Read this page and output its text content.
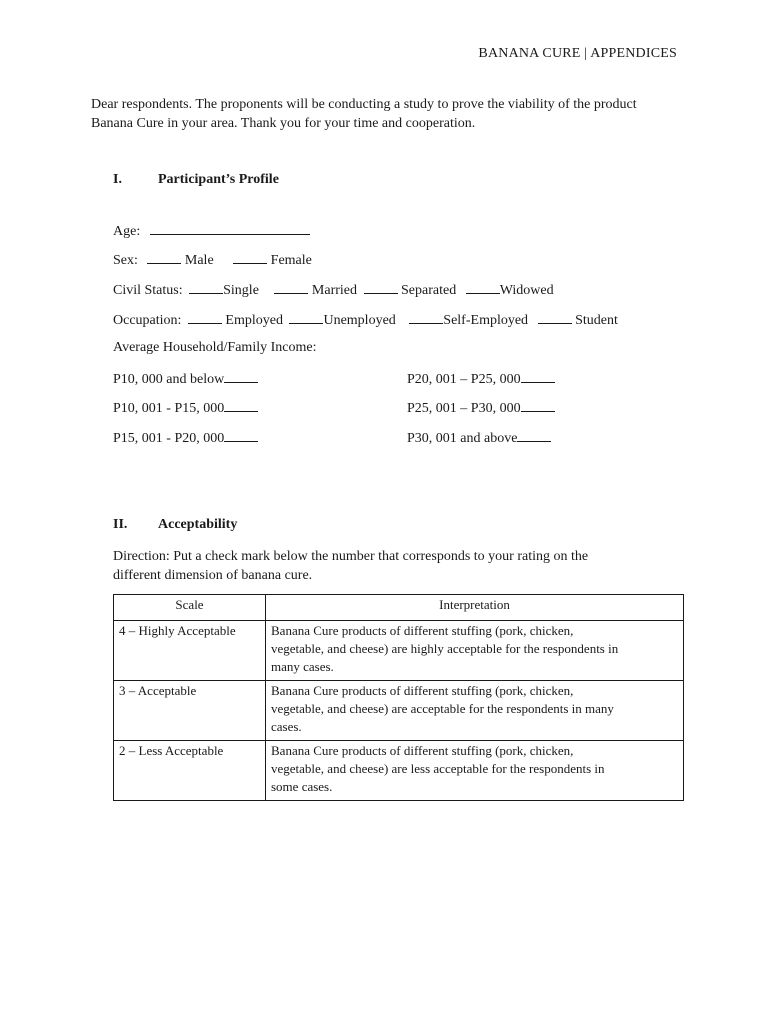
BANANA CURE | APPENDICES
Dear respondents. The proponents will be conducting a study to prove the viability of the product
Banana Cure in your area. Thank you for your time and cooperation.
I.	Participant’s Profile
Age:
Sex:	Male	Female
Civil Status:	Single	Married	Separated	Widowed
Occupation:	Employed	Unemployed	Self-Employed	Student
Average Household/Family Income:
P10, 000 and below	P20, 001 – P25, 000
P10, 001 - P15, 000	P25, 001 – P30, 000
P15, 001 - P20, 000	P30, 001 and above
II. Acceptability
Direction: Put a check mark below the number that corresponds to your rating on the
different dimension of banana cure.
Scale	Interpretation
4 – Highly Acceptable	Banana Cure products of different stuffing (pork, chicken,
vegetable, and cheese) are highly acceptable for the respondents in
many cases.

3 – Acceptable	Banana Cure products of different stuffing (pork, chicken,
vegetable, and cheese) are acceptable for the respondents in many
cases.

2 – Less Acceptable	Banana Cure products of different stuffing (pork, chicken,
vegetable, and cheese) are less acceptable for the respondents in
some cases.
